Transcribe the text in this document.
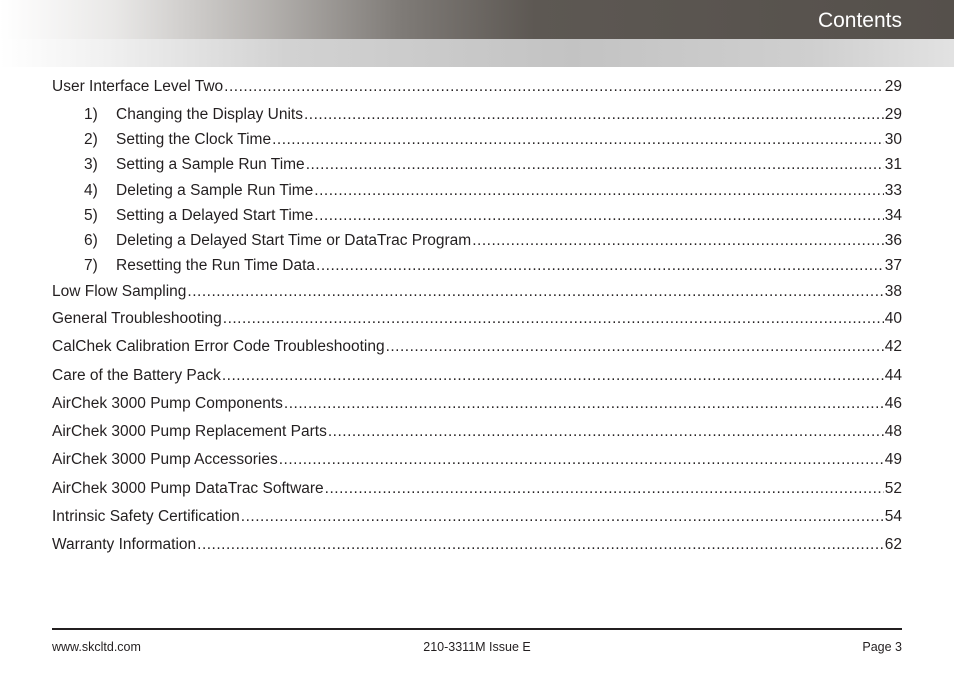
Contents
User Interface Level Two .....	29
1)	Changing the Display Units .....	29
2)	Setting the Clock Time .....	30
3)	Setting a Sample Run Time .....	31
4)	Deleting a Sample Run Time .....	33
5)	Setting a Delayed Start Time .....	34
6)	Deleting a Delayed Start Time or DataTrac Program .....	36
7)	Resetting the Run Time Data .....	37
Low Flow Sampling .....	38
General Troubleshooting .....	40
CalChek Calibration Error Code Troubleshooting .....	42
Care of the Battery Pack .....	44
AirChek 3000 Pump Components .....	46
AirChek 3000 Pump Replacement Parts .....	48
AirChek 3000 Pump Accessories .....	49
AirChek 3000 Pump DataTrac Software .....	52
Intrinsic Safety Certification .....	54
Warranty Information .....	62
www.skcltd.com	210-3311M Issue E	Page 3
